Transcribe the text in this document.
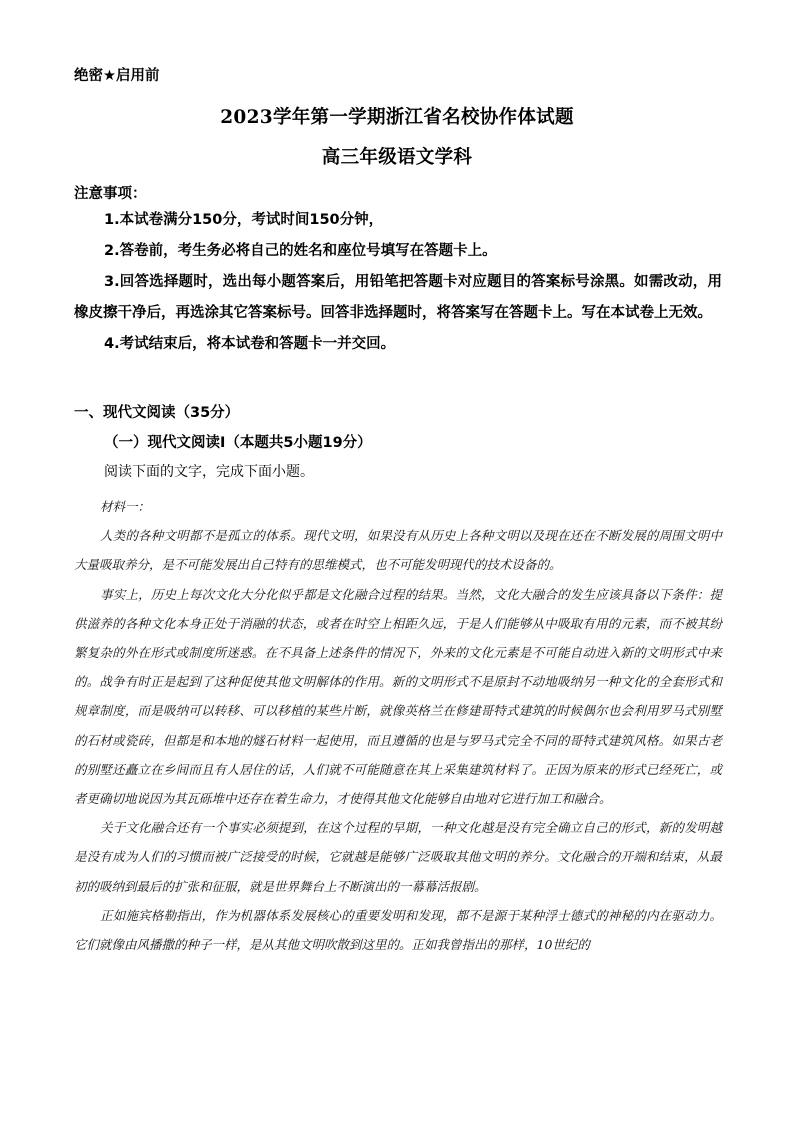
绝密★启用前
2023学年第一学期浙江省名校协作体试题
高三年级语文学科
注意事项：

1.本试卷满分150分，考试时间150分钟，

2.答卷前，考生务必将自己的姓名和座位号填写在答题卡上。

3.回答选择题时，选出每小题答案后，用铅笔把答题卡对应题目的答案标号涂黑。如需改动，用橡皮擦干净后，再选涂其它答案标号。回答非选择题时，将答案写在答题卡上。写在本试卷上无效。

4.考试结束后，将本试卷和答题卡一并交回。

一、现代文阅读（35分）
（一）现代文阅读Ⅰ（本题共5小题19分）
阅读下面的文字，完成下面小题。

材料一：

人类的各种文明都不是孤立的体系。现代文明，如果没有从历史上各种文明以及现在还在不断发展的周围文明中大量吸取养分，是不可能发展出自己特有的思维模式，也不可能发明现代的技术设备的。

事实上，历史上每次文化大分化似乎都是文化融合过程的结果。当然，文化大融合的发生应该具备以下条件：提供滋养的各种文化本身正处于消融的状态，或者在时空上相距久远，于是人们能够从中吸取有用的元素，而不被其纷繁复杂的外在形式或制度所迷惑。在不具备上述条件的情况下，外来的文化元素是不可能自动进入新的文明形式中来的。战争有时正是起到了这种促使其他文明解体的作用。新的文明形式不是原封不动地吸纳另一种文化的全套形式和规章制度，而是吸纳可以转移、可以移植的某些片断，就像英格兰在修建哥特式建筑的时候偶尔也会利用罗马式别墅的石材或瓷砖，但都是和本地的燧石材料一起使用，而且遵循的也是与罗马式完全不同的哥特式建筑风格。如果古老的别墅还矗立在乡间而且有人居住的话，人们就不可能随意在其上采集建筑材料了。正因为原来的形式已经死亡，或者更确切地说因为其瓦砾堆中还存在着生命力，才使得其他文化能够自由地对它进行加工和融合。

关于文化融合还有一个事实必须提到，在这个过程的早期，一种文化越是没有完全确立自己的形式，新的发明越是没有成为人们的习惯而被广泛接受的时候，它就越是能够广泛吸取其他文明的养分。文化融合的开端和结束，从最初的吸纳到最后的扩张和征服，就是世界舞台上不断演出的一幕幕活报剧。

正如施宾格勒指出，作为机器体系发展核心的重要发明和发现，都不是源于某种浮士德式的神秘的内在驱动力。它们就像由风播撒的种子一样，是从其他文明吹散到这里的。正如我曾指出的那样，10世纪的
